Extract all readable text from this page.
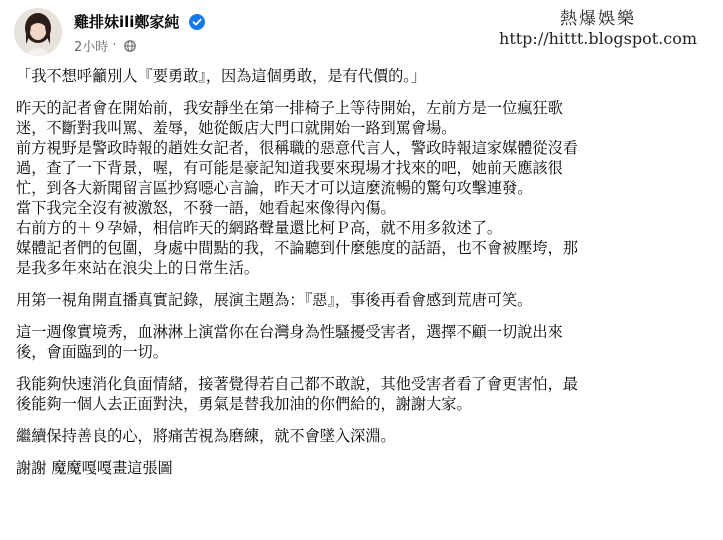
雞排妹ili鄭家純
2小時 ·
熱爆娛樂
http://hittt.blogspot.com
「我不想呼籲別人『要勇敢』，因為這個勇敢，是有代價的。」
昨天的記者會在開始前，我安靜坐在第一排椅子上等待開始，左前方是一位瘋狂歌
迷，不斷對我叫罵、羞辱，她從飯店大門口就開始一路到罵會場。
前方視野是警政時報的趙姓女記者，很稱職的惡意代言人，警政時報這家媒體從沒看
過，查了一下背景，喔，有可能是豪記知道我要來現場才找來的吧，她前天應該很
忙，到各大新聞留言區抄寫噁心言論，昨天才可以這麼流暢的驚句攻擊連發。
當下我完全沒有被激怒，不發一語，她看起來像得內傷。
右前方的＋９孕婦，相信昨天的網路聲量還比柯Ｐ高，就不用多敘述了。
媒體記者們的包圍，身處中間點的我，不論聽到什麼態度的話語，也不會被壓垮，那
是我多年來站在浪尖上的日常生活。
用第一視角開直播真實記錄，展演主題為：『惡』，事後再看會感到荒唐可笑。
這一週像實境秀，血淋淋上演當你在台灣身為性騷擾受害者，選擇不顧一切說出來
後，會面臨到的一切。
我能夠快速消化負面情緒，接著覺得若自己都不敢說，其他受害者看了會更害怕，最
後能夠一個人去正面對決，勇氣是替我加油的你們給的，謝謝大家。
繼續保持善良的心，將痛苦視為磨練，就不會墜入深淵。
謝謝 魔魔嘎嘎畫這張圖
